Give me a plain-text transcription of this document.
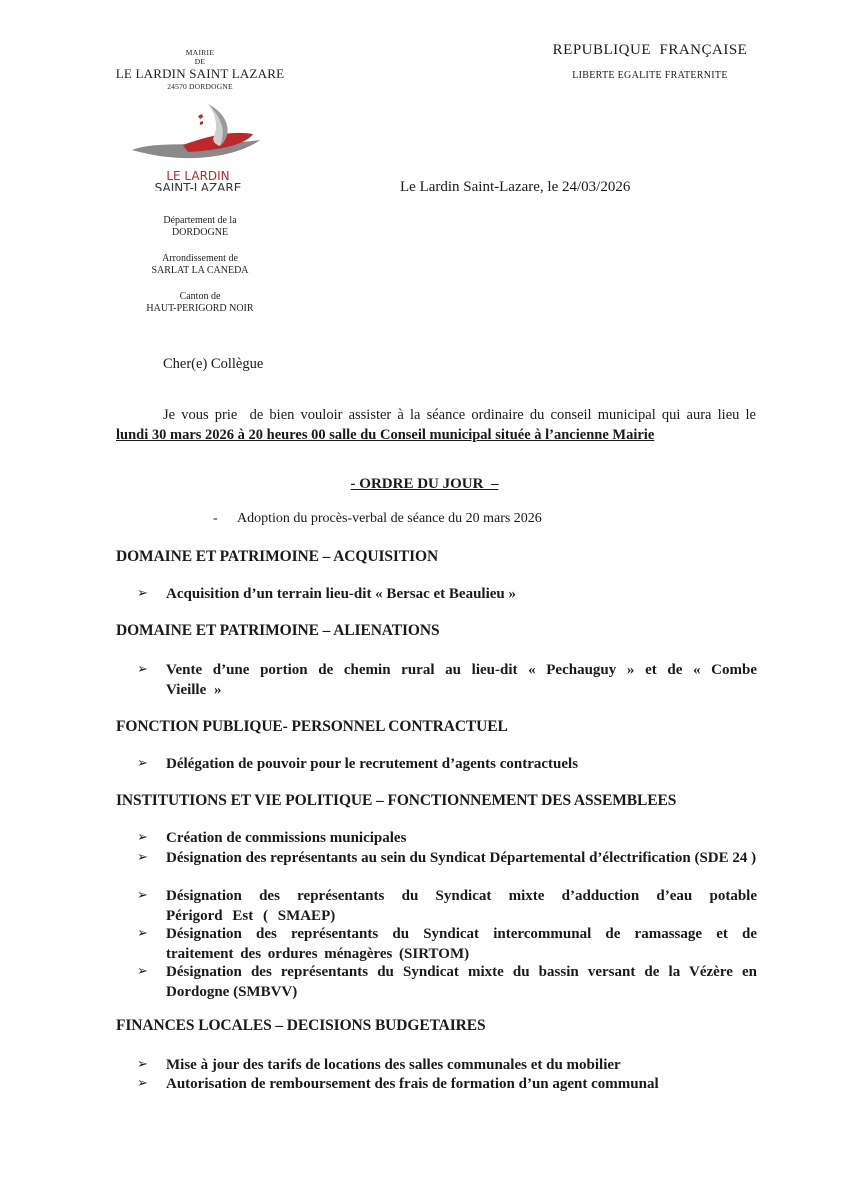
MAIRIE
DE
LE LARDIN SAINT LAZARE
24570 DORDOGNE
LE LARDIN
SAINT-LAZARE
Département de la
DORDOGNE
Arrondissement de
SARLAT LA CANEDA
Canton de
HAUT-PERIGORD NOIR
REPUBLIQUE  FRANÇAISE
LIBERTE EGALITE FRATERNITE
Le Lardin Saint-Lazare, le 24/03/2026
Cher(e) Collègue
Je vous prie  de bien vouloir assister à la séance ordinaire du conseil municipal qui aura lieu le
lundi 30 mars 2026 à 20 heures 00 salle du Conseil municipal située à l’ancienne Mairie
- ORDRE DU JOUR  –
- Adoption du procès-verbal de séance du 20 mars 2026
DOMAINE ET PATRIMOINE – ACQUISITION
➢ Acquisition d’un terrain lieu-dit « Bersac et Beaulieu »
DOMAINE ET PATRIMOINE – ALIENATIONS
➢ Vente d’une portion de chemin rural au lieu-dit « Pechauguy » et de « Combe Vieille »
FONCTION PUBLIQUE- PERSONNEL CONTRACTUEL
➢ Délégation de pouvoir pour le recrutement d’agents contractuels
INSTITUTIONS ET VIE POLITIQUE – FONCTIONNEMENT DES ASSEMBLEES
➢ Création de commissions municipales
➢ Désignation des représentants au sein du Syndicat Départemental d’électrification (SDE 24 )
➢ Désignation des représentants du Syndicat mixte d’adduction d’eau potable Périgord Est ( SMAEP)
➢ Désignation des représentants du Syndicat intercommunal de ramassage et de traitement des ordures ménagères (SIRTOM)
➢ Désignation des représentants du Syndicat mixte du bassin versant de la Vézère en Dordogne (SMBVV)
FINANCES LOCALES – DECISIONS BUDGETAIRES
➢ Mise à jour des tarifs de locations des salles communales et du mobilier
➢ Autorisation de remboursement des frais de formation d’un agent communal
